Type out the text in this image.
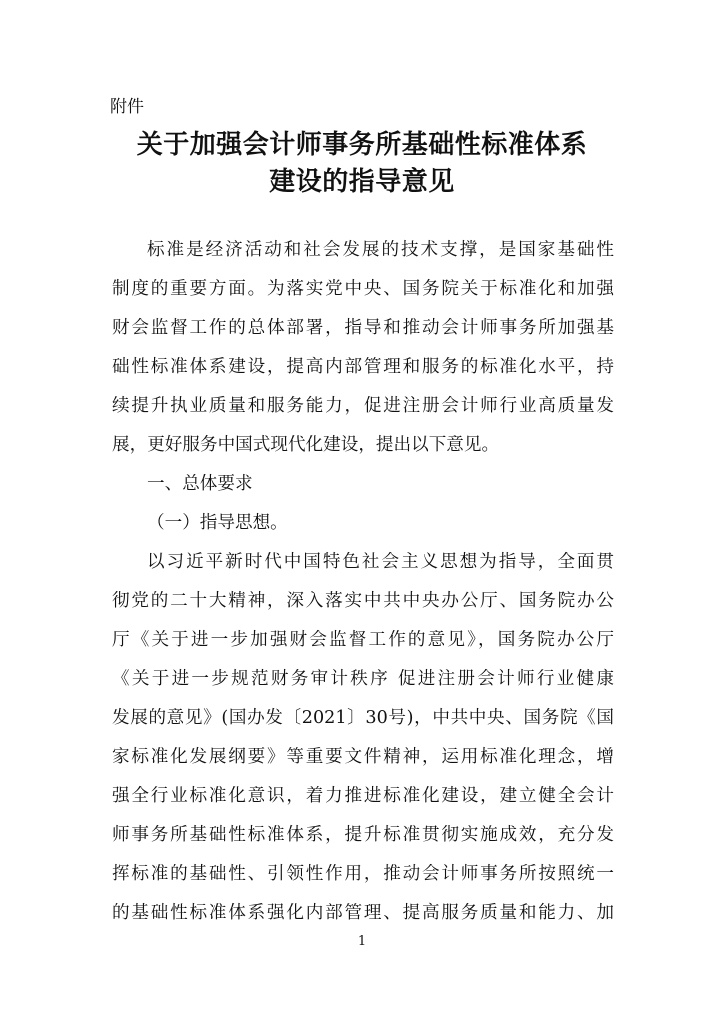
附件
关于加强会计师事务所基础性标准体系
建设的指导意见
标准是经济活动和社会发展的技术支撑，是国家基础性
制度的重要方面。为落实党中央、国务院关于标准化和加强
财会监督工作的总体部署，指导和推动会计师事务所加强基
础性标准体系建设，提高内部管理和服务的标准化水平，持
续提升执业质量和服务能力，促进注册会计师行业高质量发
展，更好服务中国式现代化建设，提出以下意见。
一、总体要求
（一）指导思想。
以习近平新时代中国特色社会主义思想为指导，全面贯
彻党的二十大精神，深入落实中共中央办公厅、国务院办公
厅《关于进一步加强财会监督工作的意见》，国务院办公厅
《关于进一步规范财务审计秩序 促进注册会计师行业健康
发展的意见》(国办发〔2021〕30号)，中共中央、国务院《国
家标准化发展纲要》等重要文件精神，运用标准化理念，增
强全行业标准化意识，着力推进标准化建设，建立健全会计
师事务所基础性标准体系，提升标准贯彻实施成效，充分发
挥标准的基础性、引领性作用，推动会计师事务所按照统一
的基础性标准体系强化内部管理、提高服务质量和能力、加
1
